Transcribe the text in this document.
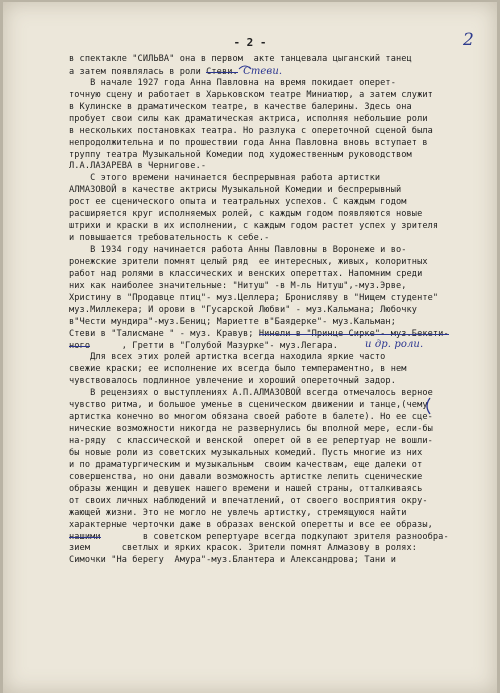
- 2 -	2
в спектакле "СИЛЬВА" она в первом  акте танцевала цыганский танец
а затем появлялась в роли Стеви. Стеви.
В начале 1927 года Анна Павловна на время покидает оперет-
точную сцену и работает в Харьковском театре Миниатюр, а затем служит
в Кулинске в драматическом театре, в качестве балерины. Здесь она
пробует свои силы как драматическая актриса, исполняя небольшие роли
в нескольких постановках театра. Но разлука с опереточной сценой была
непродолжительна и по прошествии года Анна Павловна вновь вступает в
труппу театра Музыкальной Комедии под художественным руководством
Л.А.ЛАЗАРЕВА в Чернигове.-
С этого времени начинается беспрерывная работа артистки
АЛМАЗОВОЙ в качестве актрисы Музыкальной Комедии и беспрерывный
рост ее сценического опыта и театральных успехов. С каждым годом
расширяется круг исполняемых ролей, с каждым годом появляются новые
штрихи и краски в их исполнении, с каждым годом растет успех у зрителя
и повышается требовательность к себе.-
В 1934 году начинается работа Анны Павловны в Воронеже и во-
ронежские зрители помнят целый ряд  ее интересных, живых, колоритных
работ над ролями в классических и венских опереттах. Напомним среди
них как наиболее значительные: "Нитуш" -в М-ль Нитуш",-муз.Эрве,
Христину в "Продавце птиц"- муз.Целлера; Бронисляву в "Нищем студенте"
муз.Миллекера; И орови в "Гусарской Любви" - муз.Кальмана; Любочку
в"Чести мундира"-муз.Бениц; Мариетте в"Баядерке"- муз.Кальман;
Стеви в "Талисмане " - муз. Кравув; Нинели в "Принце Сирке"- муз.Бекети-
ного      , Гретти в "Голубой Мазурке"- муз.Легара.	и др. роли.
Для всех этих ролей артистка всегда находила яркие часто
свежие краски; ее исполнение их всегда было темпераментно, в нем
чувствовалось подлинное увлечение и хороший опереточный задор.
В рецензиях о выступлениях А.П.АЛМАЗОВОЙ всегда отмечалось верное
чувство ритма, и большое уменье в сценическом движении и танце,(чему
артистка конечно во многом обязана своей работе в балете). Но ее сце-
нические возможности никогда не развернулись бы вполной мере, если-бы
на-ряду  с классической и венской  оперет ой в ее репертуар не вошли-
бы новые роли из советских музыкальных комедий. Пусть многие из них
и по драматургическим и музыкальным  своим качествам, еще далеки от
совершенства, но они давали возможность артистке лепить сценические
образы женщин и девушек нашего времени и нашей страны, отталкиваясь
от своих личных наблюдений и впечатлений, от своего восприятия окру-
жающей жизни. Это не могло не увлечь артистку, стремящуюся найти
характерные черточки даже в образах венской оперетты и все ее образы,
нашими        в советском репертуаре всегда подкупают зрителя разнообра-
зием      светлых и ярких красок. Зрители помнят Алмазову в ролях:
Симочки "На берегу  Амура"-муз.Блантера и Александрова; Тани и
